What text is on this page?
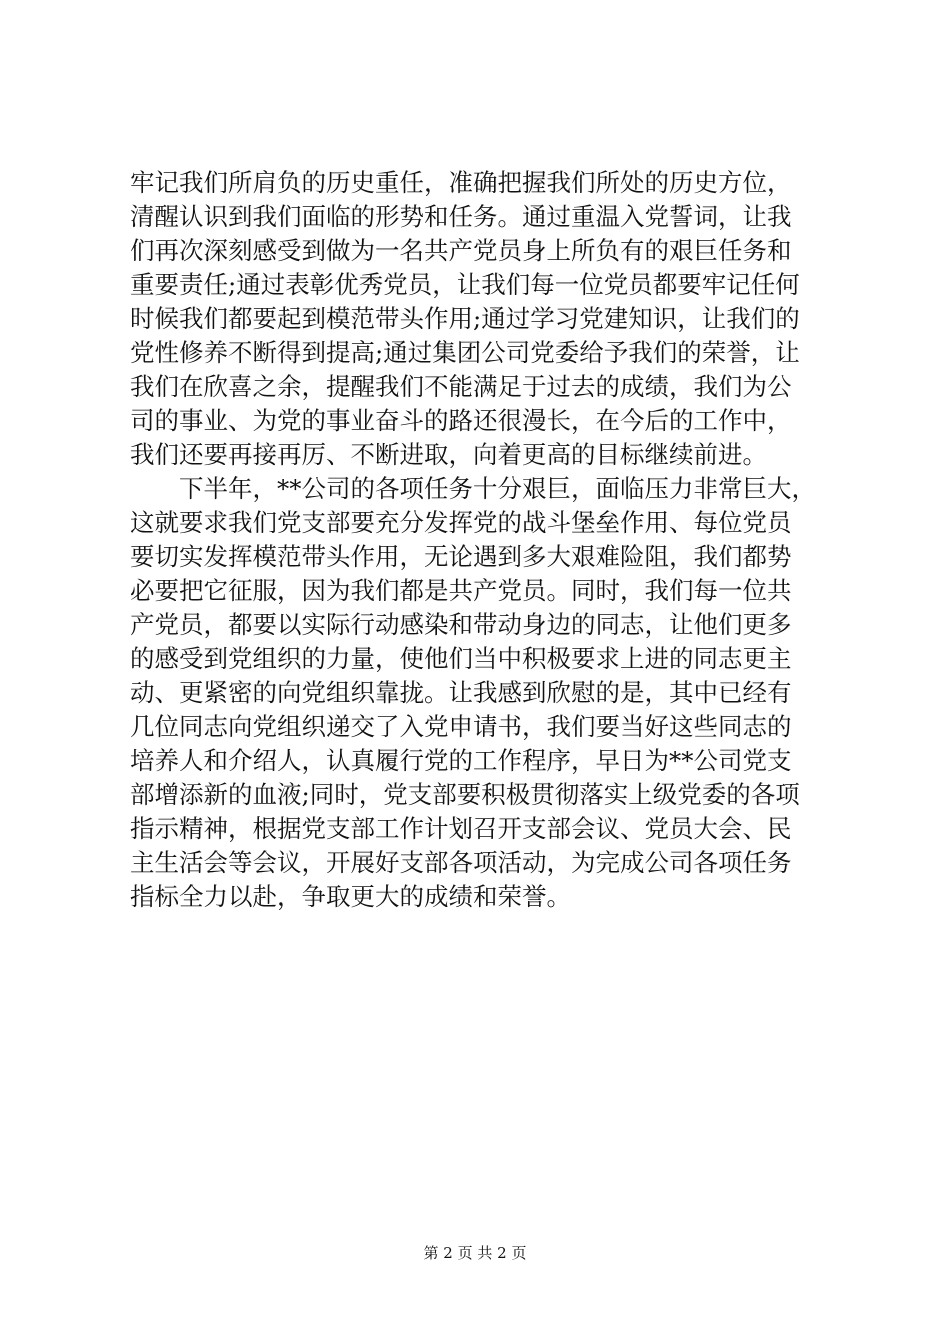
牢记我们所肩负的历史重任，准确把握我们所处的历史方位，
清醒认识到我们面临的形势和任务。通过重温入党誓词，让我
们再次深刻感受到做为一名共产党员身上所负有的艰巨任务和
重要责任;通过表彰优秀党员，让我们每一位党员都要牢记任何
时候我们都要起到模范带头作用;通过学习党建知识，让我们的
党性修养不断得到提高;通过集团公司党委给予我们的荣誉，让
我们在欣喜之余，提醒我们不能满足于过去的成绩，我们为公
司的事业、为党的事业奋斗的路还很漫长，在今后的工作中，
我们还要再接再厉、不断进取，向着更高的目标继续前进。
　　下半年，**公司的各项任务十分艰巨，面临压力非常巨大，
这就要求我们党支部要充分发挥党的战斗堡垒作用、每位党员
要切实发挥模范带头作用，无论遇到多大艰难险阻，我们都势
必要把它征服，因为我们都是共产党员。同时，我们每一位共
产党员，都要以实际行动感染和带动身边的同志，让他们更多
的感受到党组织的力量，使他们当中积极要求上进的同志更主
动、更紧密的向党组织靠拢。让我感到欣慰的是，其中已经有
几位同志向党组织递交了入党申请书，我们要当好这些同志的
培养人和介绍人，认真履行党的工作程序，早日为**公司党支
部增添新的血液;同时，党支部要积极贯彻落实上级党委的各项
指示精神，根据党支部工作计划召开支部会议、党员大会、民
主生活会等会议，开展好支部各项活动，为完成公司各项任务
指标全力以赴，争取更大的成绩和荣誉。
第 2 页 共 2 页
